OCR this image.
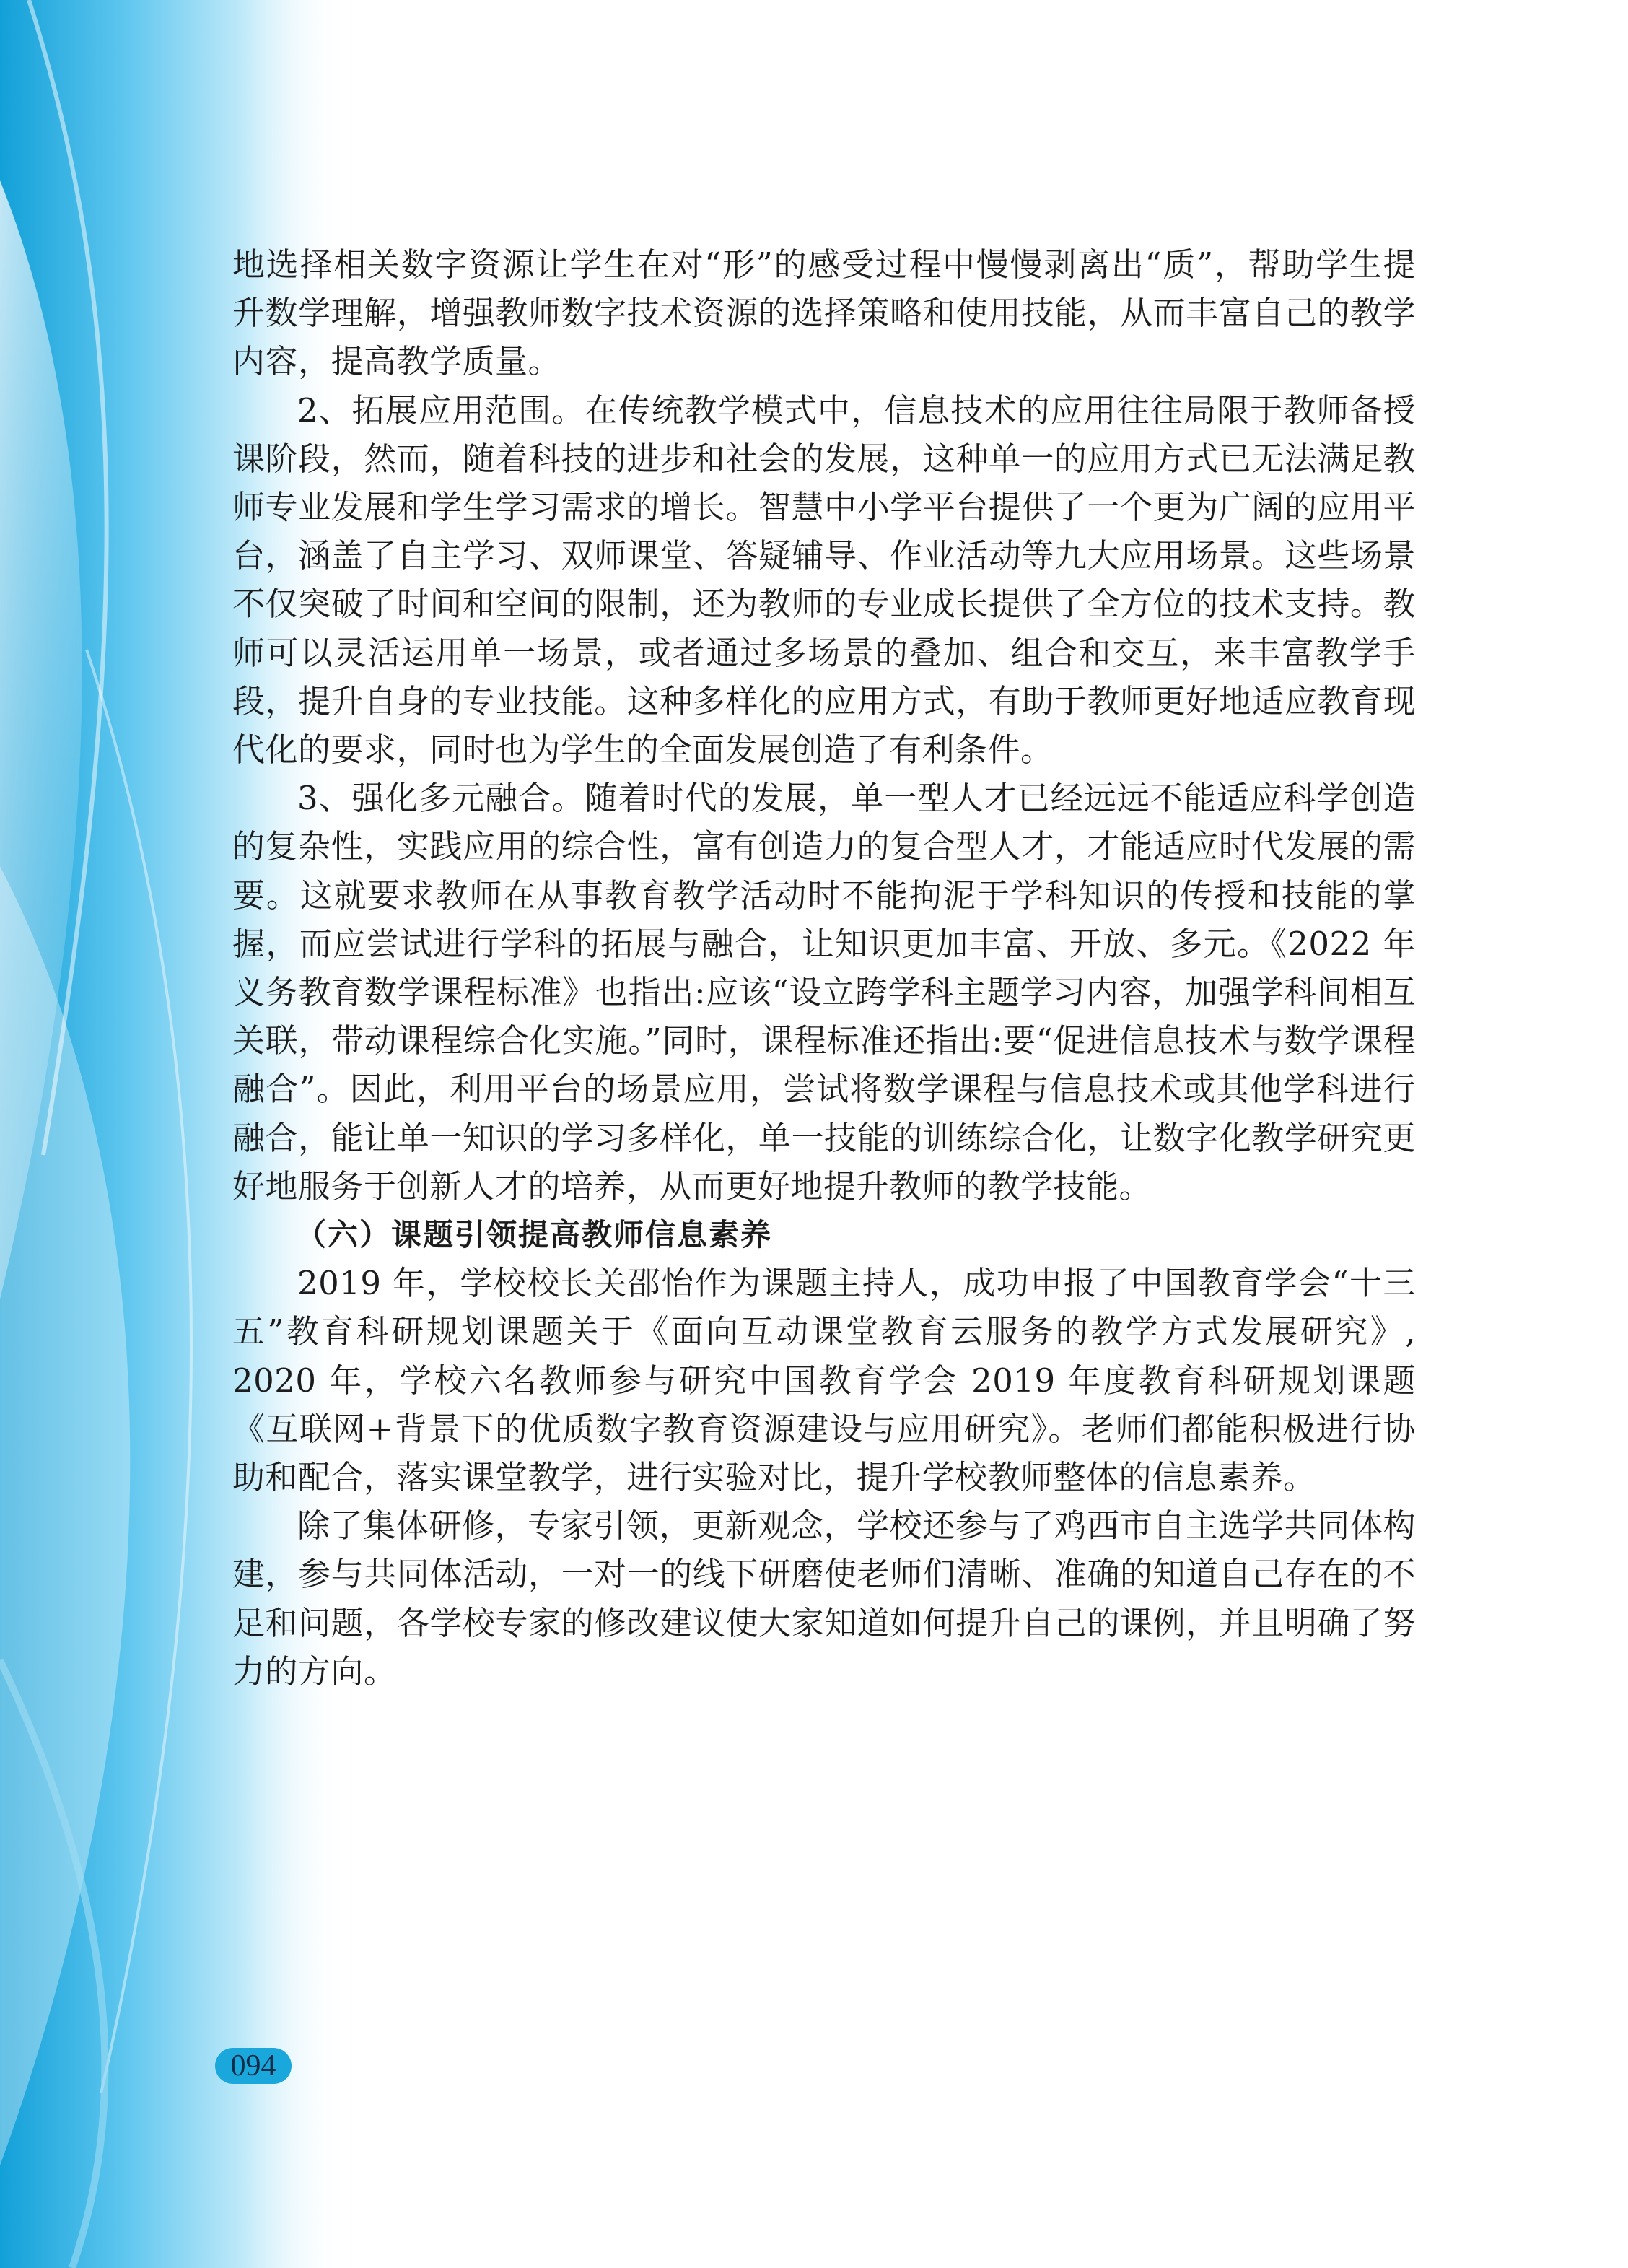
地选择相关数字资源让学生在对“形”的感受过程中慢慢剥离出“质”，帮助学生提升数学理解，增强教师数字技术资源的选择策略和使用技能，从而丰富自己的教学内容，提高教学质量。

2、拓展应用范围。在传统教学模式中，信息技术的应用往往局限于教师备授课阶段，然而，随着科技的进步和社会的发展，这种单一的应用方式已无法满足教师专业发展和学生学习需求的增长。智慧中小学平台提供了一个更为广阔的应用平台，涵盖了自主学习、双师课堂、答疑辅导、作业活动等九大应用场景。这些场景不仅突破了时间和空间的限制，还为教师的专业成长提供了全方位的技术支持。教师可以灵活运用单一场景，或者通过多场景的叠加、组合和交互，来丰富教学手段，提升自身的专业技能。这种多样化的应用方式，有助于教师更好地适应教育现代化的要求，同时也为学生的全面发展创造了有利条件。

3、强化多元融合。随着时代的发展，单一型人才已经远远不能适应科学创造的复杂性，实践应用的综合性，富有创造力的复合型人才，才能适应时代发展的需要。这就要求教师在从事教育教学活动时不能拘泥于学科知识的传授和技能的掌握，而应尝试进行学科的拓展与融合，让知识更加丰富、开放、多元。《2022 年义务教育数学课程标准》也指出:应该“设立跨学科主题学习内容，加强学科间相互关联，带动课程综合化实施。”同时，课程标准还指出:要“促进信息技术与数学课程融合”。因此，利用平台的场景应用，尝试将数学课程与信息技术或其他学科进行融合，能让单一知识的学习多样化，单一技能的训练综合化，让数字化教学研究更好地服务于创新人才的培养，从而更好地提升教师的教学技能。

（六）课题引领提高教师信息素养

2019 年，学校校长关邵怡作为课题主持人，成功申报了中国教育学会“十三五”教育科研规划课题关于《面向互动课堂教育云服务的教学方式发展研究》, 2020 年，学校六名教师参与研究中国教育学会 2019 年度教育科研规划课题《互联网+背景下的优质数字教育资源建设与应用研究》。老师们都能积极进行协助和配合，落实课堂教学，进行实验对比，提升学校教师整体的信息素养。

除了集体研修，专家引领，更新观念，学校还参与了鸡西市自主选学共同体构建，参与共同体活动，一对一的线下研磨使老师们清晰、准确的知道自己存在的不足和问题，各学校专家的修改建议使大家知道如何提升自己的课例，并且明确了努力的方向。

094
